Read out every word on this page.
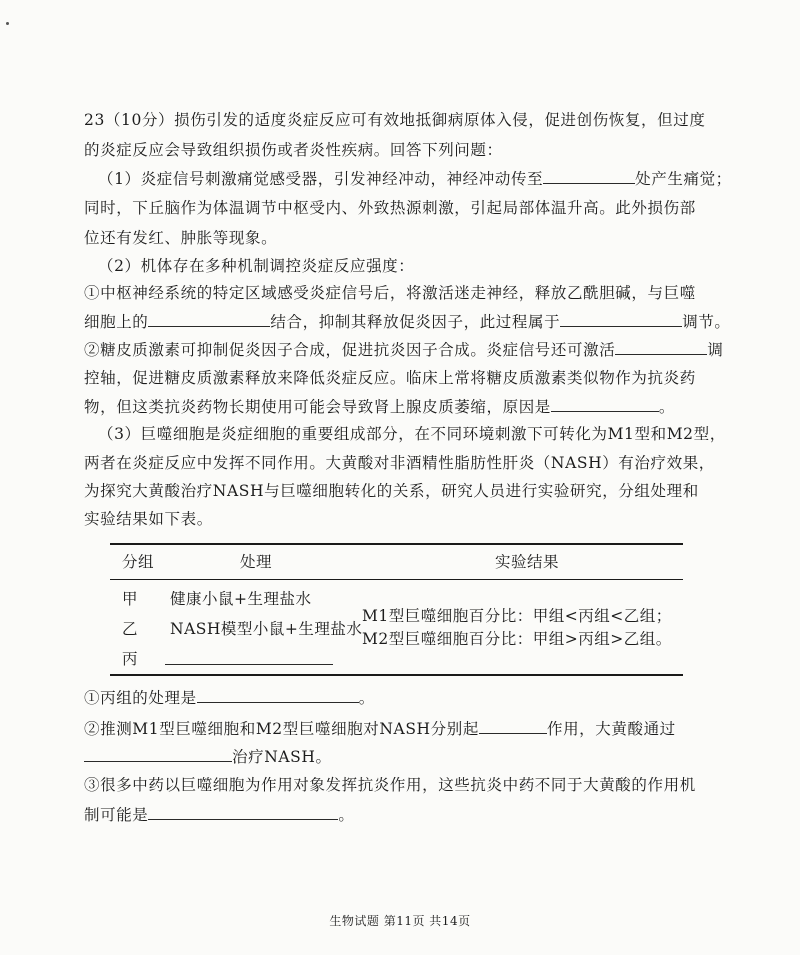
23（10分）损伤引发的适度炎症反应可有效地抵御病原体入侵，促进创伤恢复，但过度
的炎症反应会导致组织损伤或者炎性疾病。回答下列问题：
（1）炎症信号刺激痛觉感受器，引发神经冲动，神经冲动传至	处产生痛觉；
同时，下丘脑作为体温调节中枢受内、外致热源刺激，引起局部体温升高。此外损伤部
位还有发红、肿胀等现象。
（2）机体存在多种机制调控炎症反应强度：
①中枢神经系统的特定区域感受炎症信号后，将激活迷走神经，释放乙酰胆碱，与巨噬
细胞上的	结合，抑制其释放促炎因子，此过程属于	调节。
②糖皮质激素可抑制促炎因子合成，促进抗炎因子合成。炎症信号还可激活	调
控轴，促进糖皮质激素释放来降低炎症反应。临床上常将糖皮质激素类似物作为抗炎药
物，但这类抗炎药物长期使用可能会导致肾上腺皮质萎缩，原因是	。
（3）巨噬细胞是炎症细胞的重要组成部分，在不同环境刺激下可转化为M1型和M2型，
两者在炎症反应中发挥不同作用。大黄酸对非酒精性脂肪性肝炎（NASH）有治疗效果，
为探究大黄酸治疗NASH与巨噬细胞转化的关系，研究人员进行实验研究，分组处理和
实验结果如下表。
分组	处理	实验结果
甲 健康小鼠+生理盐水
乙 NASH模型小鼠+生理盐水
丙
M1型巨噬细胞百分比：甲组<丙组<乙组；
M2型巨噬细胞百分比：甲组>丙组>乙组。
①丙组的处理是	。
②推测M1型巨噬细胞和M2型巨噬细胞对NASH分别起	作用，大黄酸通过
治疗NASH。
③很多中药以巨噬细胞为作用对象发挥抗炎作用，这些抗炎中药不同于大黄酸的作用机
制可能是	。
生物试题 第11页 共14页
